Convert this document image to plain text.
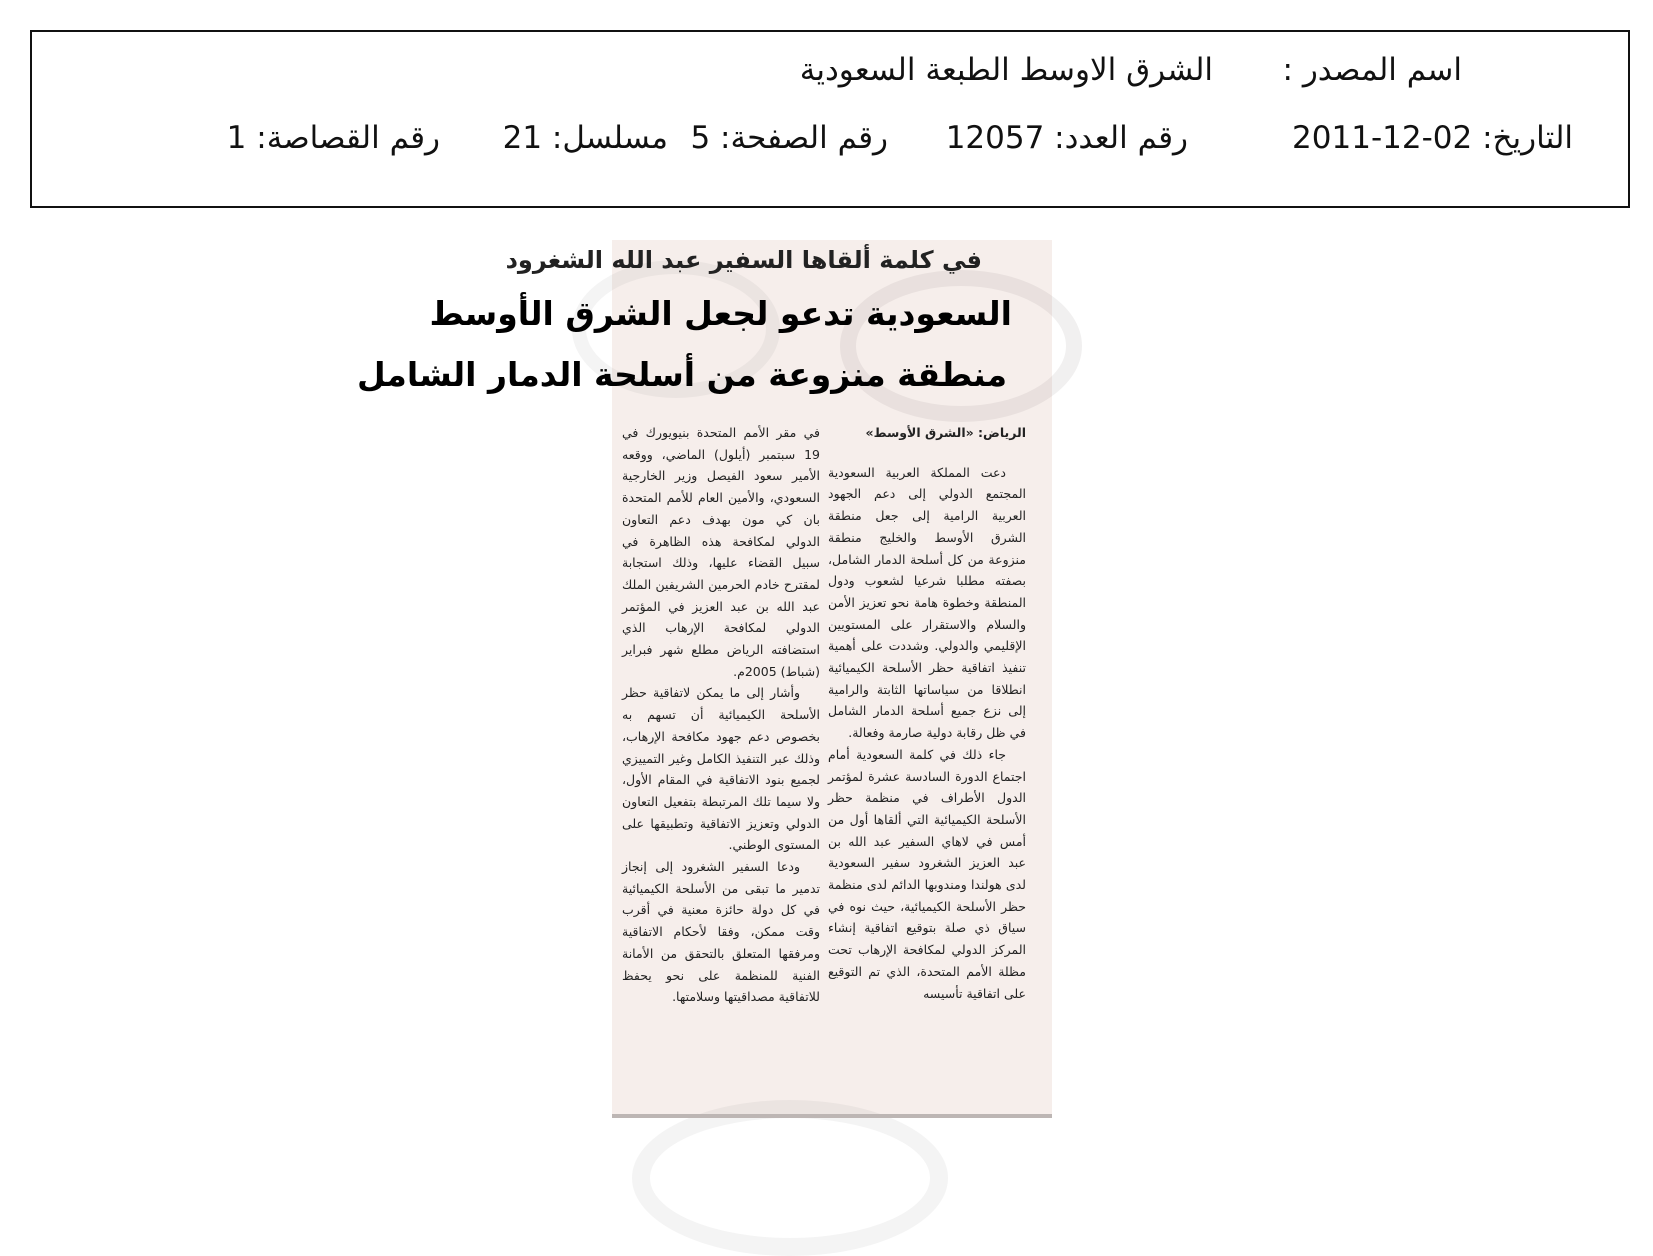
اسم المصدر :
الشرق الاوسط الطبعة السعودية
التاريخ: 02-12-2011
رقم العدد: 12057
رقم الصفحة: 5
مسلسل: 21
رقم القصاصة: 1
في كلمة ألقاها السفير عبد الله الشغرود
السعودية تدعو لجعل الشرق الأوسط
منطقة منزوعة من أسلحة الدمار الشامل

الرياض: «الشرق الأوسط»

دعت المملكة العربية السعودية المجتمع الدولي إلى دعم الجهود العربية الرامية إلى جعل منطقة الشرق الأوسط والخليج منطقة منزوعة من كل أسلحة الدمار الشامل، بصفته مطلبا شرعيا لشعوب ودول المنطقة وخطوة هامة نحو تعزيز الأمن والسلام والاستقرار على المستويين الإقليمي والدولي. وشددت على أهمية تنفيذ اتفاقية حظر الأسلحة الكيميائية انطلاقا من سياساتها الثابتة والرامية إلى نزع جميع أسلحة الدمار الشامل في ظل رقابة دولية صارمة وفعالة.

جاء ذلك في كلمة السعودية أمام اجتماع الدورة السادسة عشرة لمؤتمر الدول الأطراف في منظمة حظر الأسلحة الكيميائية التي ألقاها أول من أمس في لاهاي السفير عبد الله بن عبد العزيز الشغرود سفير السعودية لدى هولندا ومندوبها الدائم لدى منظمة حظر الأسلحة الكيميائية، حيث نوه في سياق ذي صلة بتوقيع اتفاقية إنشاء المركز الدولي لمكافحة الإرهاب تحت مظلة الأمم المتحدة، الذي تم التوقيع على اتفاقية تأسيسه

في مقر الأمم المتحدة بنيويورك في 19 سبتمبر (أيلول) الماضي، ووقعه الأمير سعود الفيصل وزير الخارجية السعودي، والأمين العام للأمم المتحدة بان كي مون بهدف دعم التعاون الدولي لمكافحة هذه الظاهرة في سبيل القضاء عليها، وذلك استجابة لمقترح خادم الحرمين الشريفين الملك عبد الله بن عبد العزيز في المؤتمر الدولي لمكافحة الإرهاب الذي استضافته الرياض مطلع شهر فبراير (شباط) 2005م.

وأشار إلى ما يمكن لاتفاقية حظر الأسلحة الكيميائية أن تسهم به بخصوص دعم جهود مكافحة الإرهاب، وذلك عبر التنفيذ الكامل وغير التمييزي لجميع بنود الاتفاقية في المقام الأول، ولا سيما تلك المرتبطة بتفعيل التعاون الدولي وتعزيز الاتفاقية وتطبيقها على المستوى الوطني.

ودعا السفير الشغرود إلى إنجاز تدمير ما تبقى من الأسلحة الكيميائية في كل دولة حائزة معنية في أقرب وقت ممكن، وفقا لأحكام الاتفاقية ومرفقها المتعلق بالتحقق من الأمانة الفنية للمنظمة على نحو يحفظ للاتفاقية مصداقيتها وسلامتها.
